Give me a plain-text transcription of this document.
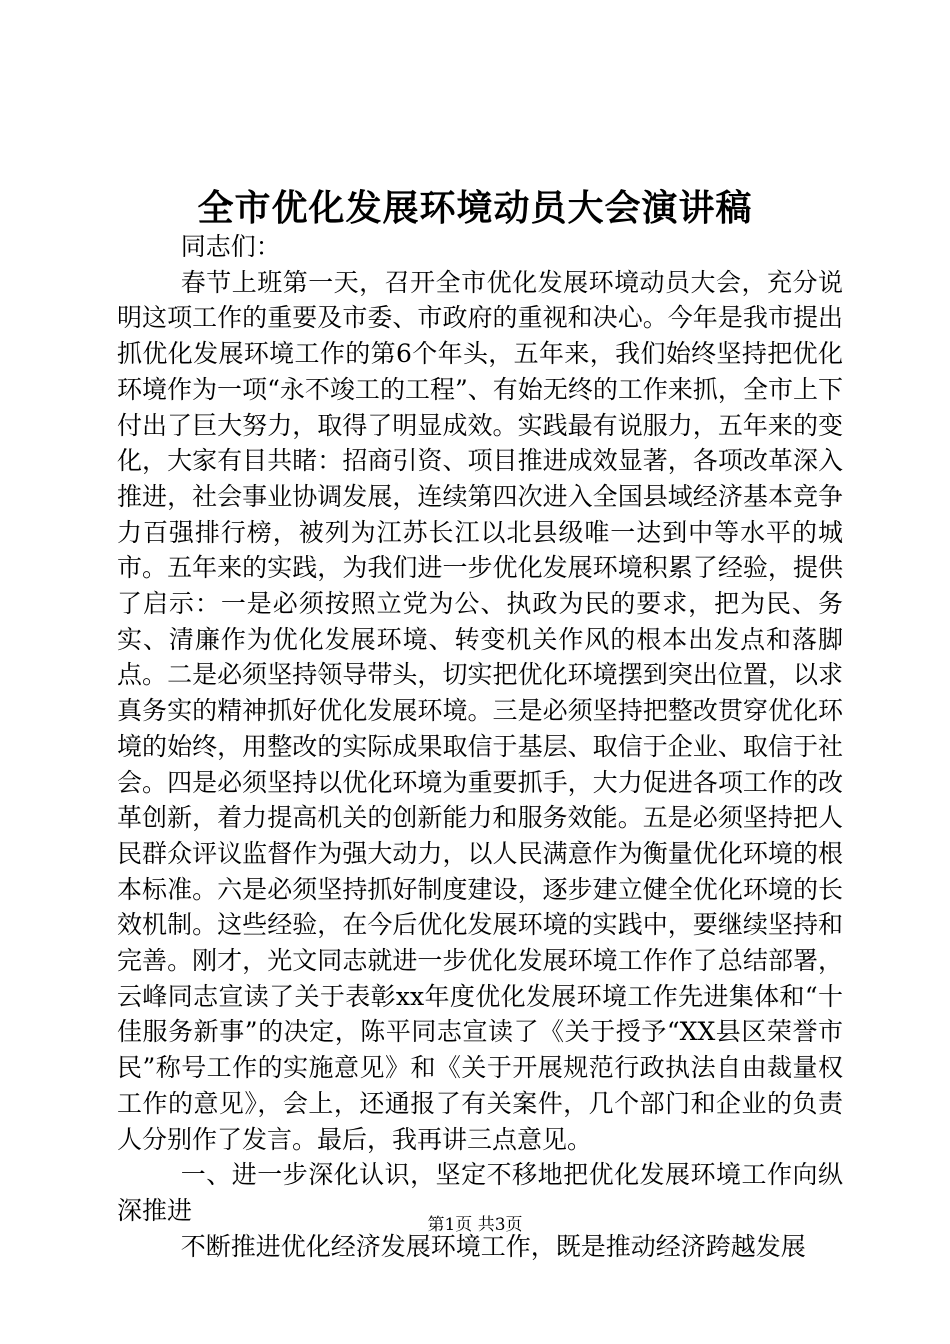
全市优化发展环境动员大会演讲稿

同志们：

春节上班第一天，召开全市优化发展环境动员大会，充分说明这项工作的重要及市委、市政府的重视和决心。今年是我市提出抓优化发展环境工作的第6个年头，五年来，我们始终坚持把优化环境作为一项“永不竣工的工程”、有始无终的工作来抓，全市上下付出了巨大努力，取得了明显成效。实践最有说服力，五年来的变化，大家有目共睹：招商引资、项目推进成效显著，各项改革深入推进，社会事业协调发展，连续第四次进入全国县域经济基本竞争力百强排行榜，被列为江苏长江以北县级唯一达到中等水平的城市。五年来的实践，为我们进一步优化发展环境积累了经验，提供了启示：一是必须按照立党为公、执政为民的要求，把为民、务实、清廉作为优化发展环境、转变机关作风的根本出发点和落脚点。二是必须坚持领导带头，切实把优化环境摆到突出位置，以求真务实的精神抓好优化发展环境。三是必须坚持把整改贯穿优化环境的始终，用整改的实际成果取信于基层、取信于企业、取信于社会。四是必须坚持以优化环境为重要抓手，大力促进各项工作的改革创新，着力提高机关的创新能力和服务效能。五是必须坚持把人民群众评议监督作为强大动力，以人民满意作为衡量优化环境的根本标准。六是必须坚持抓好制度建设，逐步建立健全优化环境的长效机制。这些经验，在今后优化发展环境的实践中，要继续坚持和完善。刚才，光文同志就进一步优化发展环境工作作了总结部署，云峰同志宣读了关于表彰xx年度优化发展环境工作先进集体和“十佳服务新事”的决定，陈平同志宣读了《关于授予“XX县区荣誉市民”称号工作的实施意见》和《关于开展规范行政执法自由裁量权工作的意见》，会上，还通报了有关案件，几个部门和企业的负责人分别作了发言。最后，我再讲三点意见。

一、进一步深化认识，坚定不移地把优化发展环境工作向纵深推进

不断推进优化经济发展环境工作，既是推动经济跨越发展

第1页 共3页
